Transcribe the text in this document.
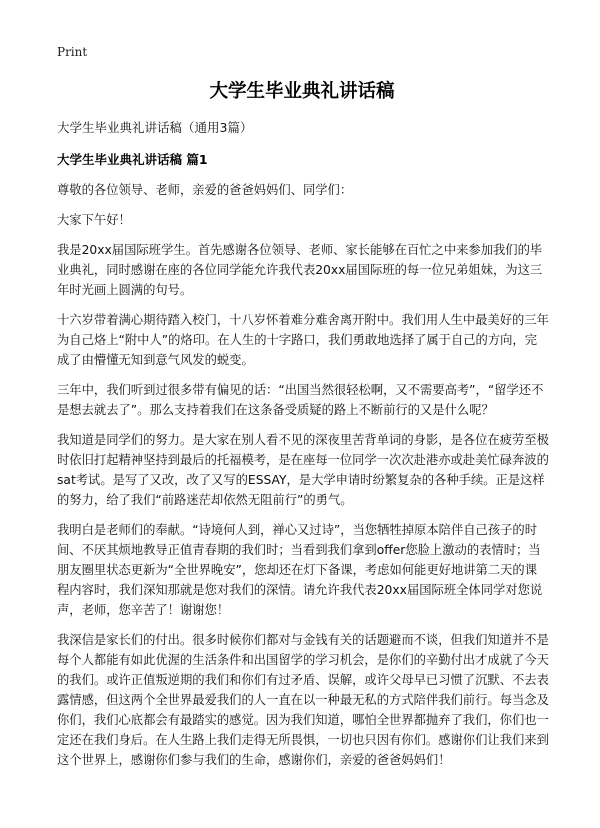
Print

大学生毕业典礼讲话稿

大学生毕业典礼讲话稿（通用3篇）

大学生毕业典礼讲话稿 篇1

尊敬的各位领导、老师，亲爱的爸爸妈妈们、同学们：

大家下午好！

我是20xx届国际班学生。首先感谢各位领导、老师、家长能够在百忙之中来参加我们的毕业典礼，同时感谢在座的各位同学能允许我代表20xx届国际班的每一位兄弟姐妹，为这三年时光画上圆满的句号。

十六岁带着满心期待踏入校门，十八岁怀着难分难舍离开附中。我们用人生中最美好的三年为自己烙上“附中人”的烙印。在人生的十字路口，我们勇敢地选择了属于自己的方向，完成了由懵懂无知到意气风发的蜕变。

三年中，我们听到过很多带有偏见的话：“出国当然很轻松啊，又不需要高考”，“留学还不是想去就去了”。那么支持着我们在这条备受质疑的路上不断前行的又是什么呢？

我知道是同学们的努力。是大家在别人看不见的深夜里苦背单词的身影，是各位在疲劳至极时依旧打起精神坚持到最后的托福模考，是在座每一位同学一次次赴港亦或赴美忙碌奔波的sat考试。是写了又改，改了又写的ESSAY，是大学申请时纷繁复杂的各种手续。正是这样的努力，给了我们“前路迷茫却依然无阻前行”的勇气。

我明白是老师们的奉献。“诗境何人到，禅心又过诗”，当您牺牲掉原本陪伴自己孩子的时间、不厌其烦地教导正值青春期的我们时；当看到我们拿到offer您脸上激动的表情时；当朋友圈里状态更新为“全世界晚安”，您却还在灯下备课，考虑如何能更好地讲第二天的课程内容时，我们深知那就是您对我们的深情。请允许我代表20xx届国际班全体同学对您说声，老师，您辛苦了！谢谢您！

我深信是家长们的付出。很多时候你们都对与金钱有关的话题避而不谈，但我们知道并不是每个人都能有如此优渥的生活条件和出国留学的学习机会，是你们的辛勤付出才成就了今天的我们。或许正值叛逆期的我们和你们有过矛盾、误解，或许父母早已习惯了沉默、不去表露情感，但这两个全世界最爱我们的人一直在以一种最无私的方式陪伴我们前行。每当念及你们，我们心底都会有最踏实的感觉。因为我们知道，哪怕全世界都抛弃了我们，你们也一定还在我们身后。在人生路上我们走得无所畏惧，一切也只因有你们。感谢你们让我们来到这个世界上，感谢你们参与我们的生命，感谢你们，亲爱的爸爸妈妈们！
